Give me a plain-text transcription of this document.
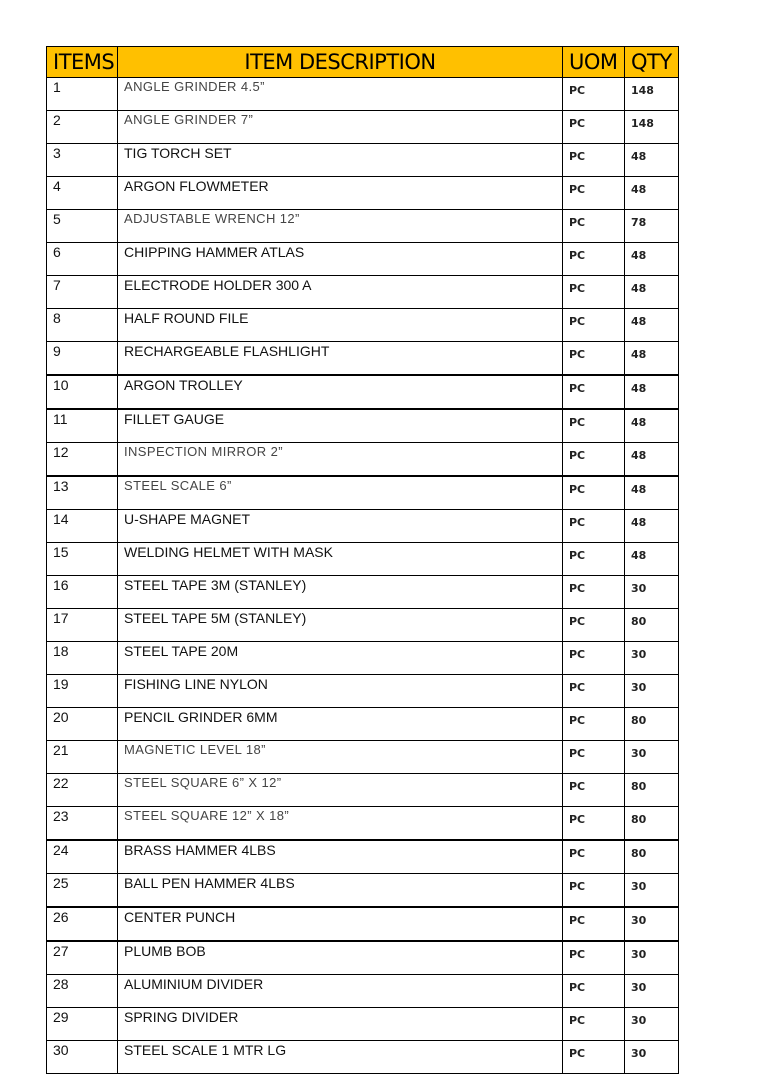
ITEMS	ITEM DESCRIPTION	UOM	QTY
1	ANGLE GRINDER 4.5”	PC	148
2	ANGLE GRINDER 7”	PC	148
3	TIG TORCH SET	PC	48
4	ARGON FLOWMETER	PC	48
5	ADJUSTABLE WRENCH 12”	PC	78
6	CHIPPING HAMMER ATLAS	PC	48
7	ELECTRODE HOLDER 300 A	PC	48
8	HALF ROUND FILE	PC	48
9	RECHARGEABLE FLASHLIGHT	PC	48
10	ARGON TROLLEY	PC	48
11	FILLET GAUGE	PC	48
12	INSPECTION MIRROR 2”	PC	48
13	STEEL SCALE 6”	PC	48
14	U-SHAPE MAGNET	PC	48
15	WELDING HELMET WITH MASK	PC	48
16	STEEL TAPE 3M (STANLEY)	PC	30
17	STEEL TAPE 5M (STANLEY)	PC	80
18	STEEL TAPE 20M	PC	30
19	FISHING LINE NYLON	PC	30
20	PENCIL GRINDER 6MM	PC	80
21	MAGNETIC LEVEL 18”	PC	30
22	STEEL SQUARE 6” X 12”	PC	80
23	STEEL SQUARE 12” X 18”	PC	80
24	BRASS HAMMER 4LBS	PC	80
25	BALL PEN HAMMER 4LBS	PC	30
26	CENTER PUNCH	PC	30
27	PLUMB BOB	PC	30
28	ALUMINIUM DIVIDER	PC	30
29	SPRING DIVIDER	PC	30
30	STEEL SCALE 1 MTR LG	PC	30
